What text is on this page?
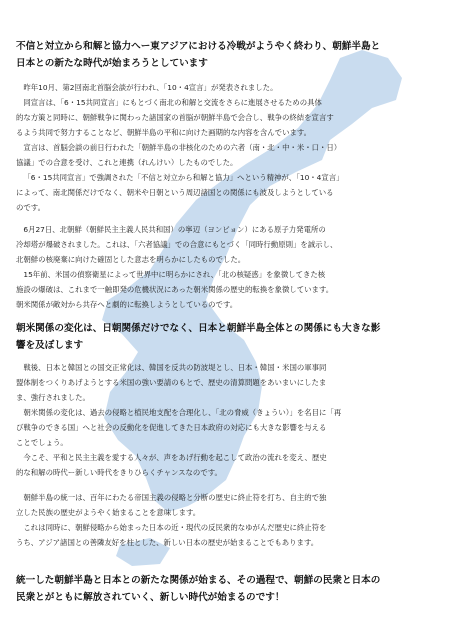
不信と対立から和解と協力へー東アジアにおける冷戦がようやく終わり、朝鮮半島と
日本との新たな時代が始まろうとしています
昨年10月、第2回南北首脳会談が行われ、「10・4宣言」が発表されました。
同宣言は、「6・15共同宣言」にもとづく南北の和解と交流をさらに進展させるための具体
的な方策と同時に、朝鮮戦争に関わった諸国家の首脳が朝鮮半島で会合し、戦争の終結を宣言す
るよう共同で努力することなど、朝鮮半島の平和に向けた画期的な内容を含んでいます。
宣言は、首脳会談の前日行われた「朝鮮半島の非核化のための六者（南・北・中・米・口・日）
協議」での合意を受け、これと連携（れんけい）したものでした。
「6・15共同宣言」で強調された「不信と対立から和解と協力」へという精神が、「10・4宣言」
によって、南北関係だけでなく、朝米や日朝という周辺諸国との関係にも波及しようとしている
のです。
6月27日、北朝鮮（朝鮮民主主義人民共和国）の寧辺（ヨンビョン）にある原子力発電所の
冷却塔が爆破されました。これは、「六者協議」での合意にもとづく「同時行動原則」を誠示し、
北朝鮮の核廃棄に向けた確固とした意志を明らかにしたものでした。
15年前、米国の偵察衛星によって世界中に明らかにされ、「北の核疑惑」を象徴してきた核
施設の爆破は、これまで一触即発の危機状況にあった朝米関係の歴史的転換を象徴しています。
朝米関係が敵対から共存へと劇的に転換しようとしているのです。
朝米関係の変化は、日朝関係だけでなく、日本と朝鮮半島全体との関係にも大きな影
響を及ぼします
戦後、日本と韓国との国交正常化は、韓国を反共の防波堤とし、日本・韓国・米国の軍事同
盟体制をつくりあげようとする米国の強い要請のもとで、歴史の清算問題をあいまいにしたま
ま、強行されました。
朝米関係の変化は、過去の侵略と植民地支配を合理化し、「北の脅威（きょうい）」を名目に「再
び戦争のできる国」へと社会の反動化を促進してきた日本政府の対応にも大きな影響を与える
ことでしょう。
今こそ、平和と民主主義を愛する人々が、声をあげ行動を起こして政治の流れを変え、歴史
的な和解の時代ー新しい時代をきりひらくチャンスなのです。
朝鮮半島の統一は、百年にわたる帝国主義の侵略と分断の歴史に終止符を打ち、自主的で独
立した民族の歴史がようやく始まることを意味します。
これは同時に、朝鮮侵略から始まった日本の近・現代の反民衆的なゆがんだ歴史に終止符を
うち、アジア諸国との善隣友好を柱とした、新しい日本の歴史が始まることでもあります。
統一した朝鮮半島と日本との新たな関係が始まる、その過程で、朝鮮の民衆と日本の
民衆とがともに解放されていく、新しい時代が始まるのです！
